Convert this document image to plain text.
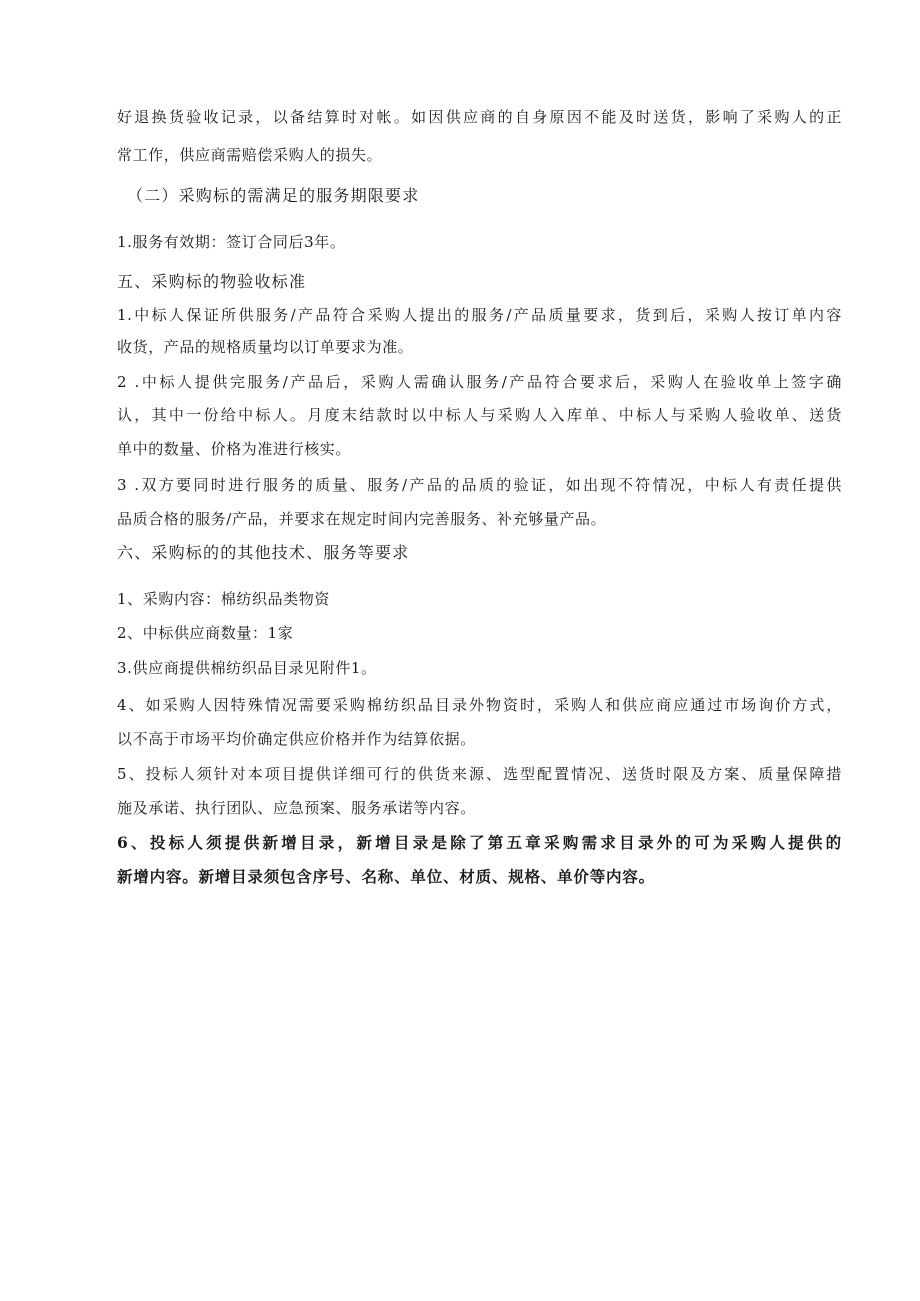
好退换货验收记录，以备结算时对帐。如因供应商的自身原因不能及时送货，影响了采购人的正
常工作，供应商需赔偿采购人的损失。
（二）采购标的需满足的服务期限要求
1.服务有效期：签订合同后3年。
五、采购标的物验收标准
1.中标人保证所供服务/产品符合采购人提出的服务/产品质量要求，货到后，采购人按订单内容
收货，产品的规格质量均以订单要求为准。
2 .中标人提供完服务/产品后，采购人需确认服务/产品符合要求后，采购人在验收单上签字确
认，其中一份给中标人。月度末结款时以中标人与采购人入库单、中标人与采购人验收单、送货
单中的数量、价格为准进行核实。
3 .双方要同时进行服务的质量、服务/产品的品质的验证，如出现不符情况，中标人有责任提供
品质合格的服务/产品，并要求在规定时间内完善服务、补充够量产品。
六、采购标的的其他技术、服务等要求
1、采购内容：棉纺织品类物资
2、中标供应商数量：1家
3.供应商提供棉纺织品目录见附件1。
4、如采购人因特殊情况需要采购棉纺织品目录外物资时，采购人和供应商应通过市场询价方式，
以不高于市场平均价确定供应价格并作为结算依据。
5、投标人须针对本项目提供详细可行的供货来源、选型配置情况、送货时限及方案、质量保障措
施及承诺、执行团队、应急预案、服务承诺等内容。
6、投标人须提供新增目录，新增目录是除了第五章采购需求目录外的可为采购人提供的
新增内容。新增目录须包含序号、名称、单位、材质、规格、单价等内容。
